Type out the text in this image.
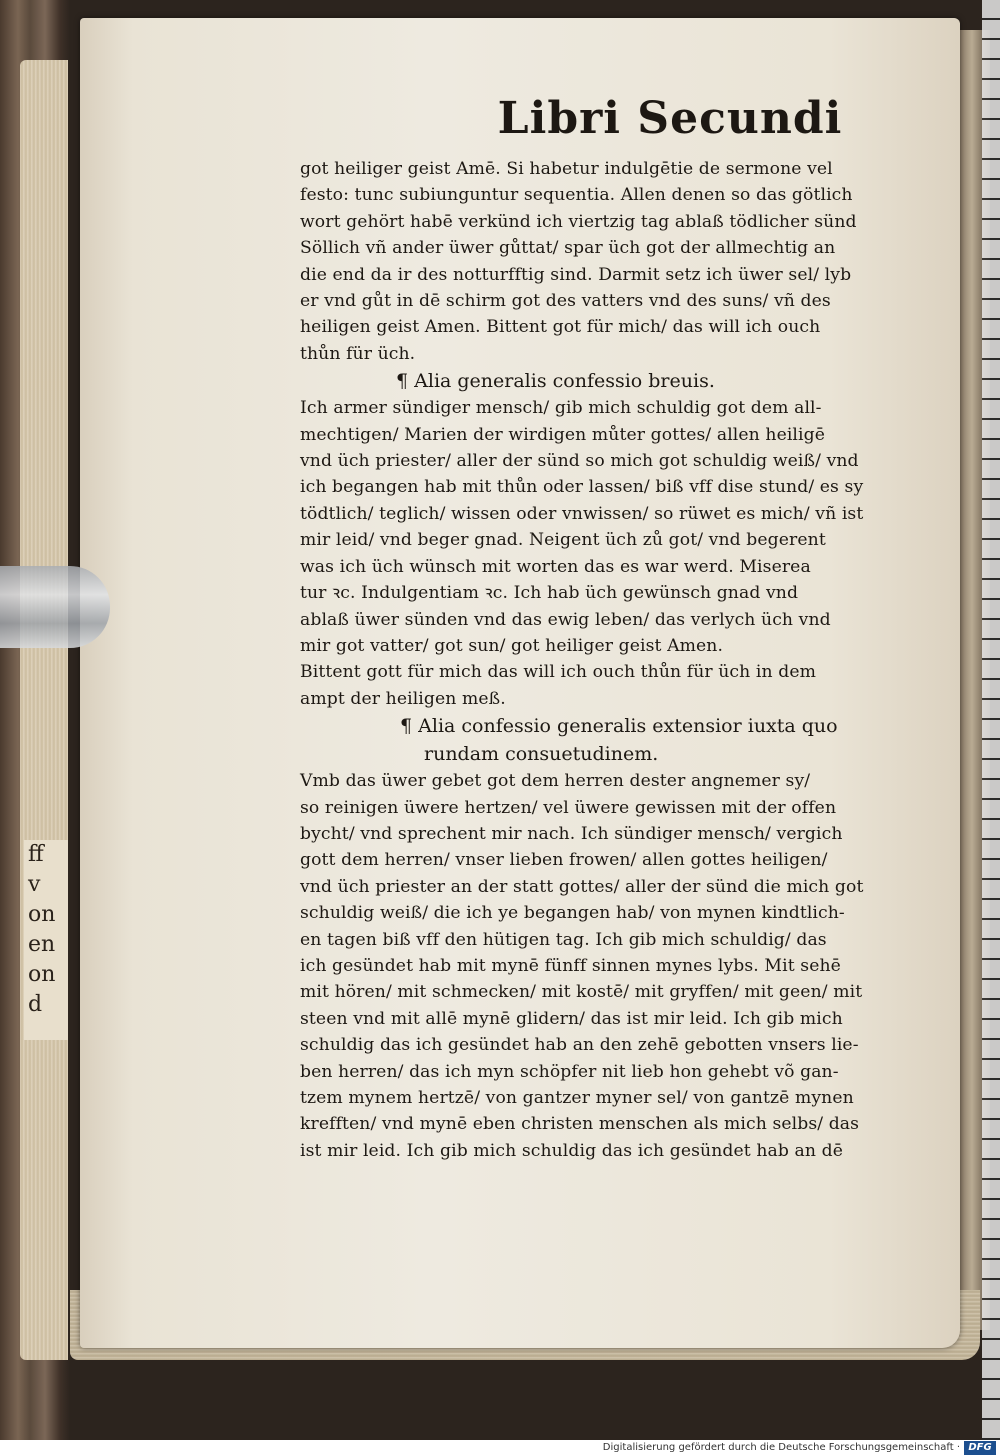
ff
v
on
en
on
d
Libri Secundi
got heiliger geist Amē. Si habetur indulgētie de sermone vel
festo: tunc subiunguntur sequentia. Allen denen so das götlich
wort gehört habē verkünd ich viertzig tag ablaß tödlicher sünd
Söllich vñ ander üwer gůttat/ spar üch got der allmechtig an
die end da ir des notturfftig sind. Darmit setz ich üwer sel/ lyb
er vnd gůt in dē schirm got des vatters vnd des suns/ vñ des
heiligen geist Amen. Bittent got für mich/ das will ich ouch
thůn für üch.
¶ Alia generalis confessio breuis.
Ich armer sündiger mensch/ gib mich schuldig got dem all-
mechtigen/ Marien der wirdigen můter gottes/ allen heiligē
vnd üch priester/ aller der sünd so mich got schuldig weiß/ vnd
ich begangen hab mit thůn oder lassen/ biß vff dise stund/ es sy
tödtlich/ teglich/ wissen oder vnwissen/ so rüwet es mich/ vñ ist
mir leid/ vnd beger gnad. Neigent üch zů got/ vnd begerent
was ich üch wünsch mit worten das es war werd. Miserea
tur ꝛc. Indulgentiam ꝛc. Ich hab üch gewünsch gnad vnd
ablaß üwer sünden vnd das ewig leben/ das verlych üch vnd
mir got vatter/ got sun/ got heiliger geist Amen.
Bittent gott für mich das will ich ouch thůn für üch in dem
ampt der heiligen meß.
¶ Alia confessio generalis extensior iuxta quo
rundam consuetudinem.
Vmb das üwer gebet got dem herren dester angnemer sy/
so reinigen üwere hertzen/ vel üwere gewissen mit der offen
bycht/ vnd sprechent mir nach. Ich sündiger mensch/ vergich
gott dem herren/ vnser lieben frowen/ allen gottes heiligen/
vnd üch priester an der statt gottes/ aller der sünd die mich got
schuldig weiß/ die ich ye begangen hab/ von mynen kindtlich-
en tagen biß vff den hütigen tag. Ich gib mich schuldig/ das
ich gesündet hab mit mynē fünff sinnen mynes lybs. Mit sehē
mit hören/ mit schmecken/ mit kostē/ mit gryffen/ mit geen/ mit
steen vnd mit allē mynē glidern/ das ist mir leid. Ich gib mich
schuldig das ich gesündet hab an den zehē gebotten vnsers lie-
ben herren/ das ich myn schöpfer nit lieb hon gehebt võ gan-
tzem mynem hertzē/ von gantzer myner sel/ von gantzē mynen
krefften/ vnd mynē eben christen menschen als mich selbs/ das
ist mir leid. Ich gib mich schuldig das ich gesündet hab an dē
Digitalisierung gefördert durch die Deutsche Forschungsgemeinschaft · DFG
